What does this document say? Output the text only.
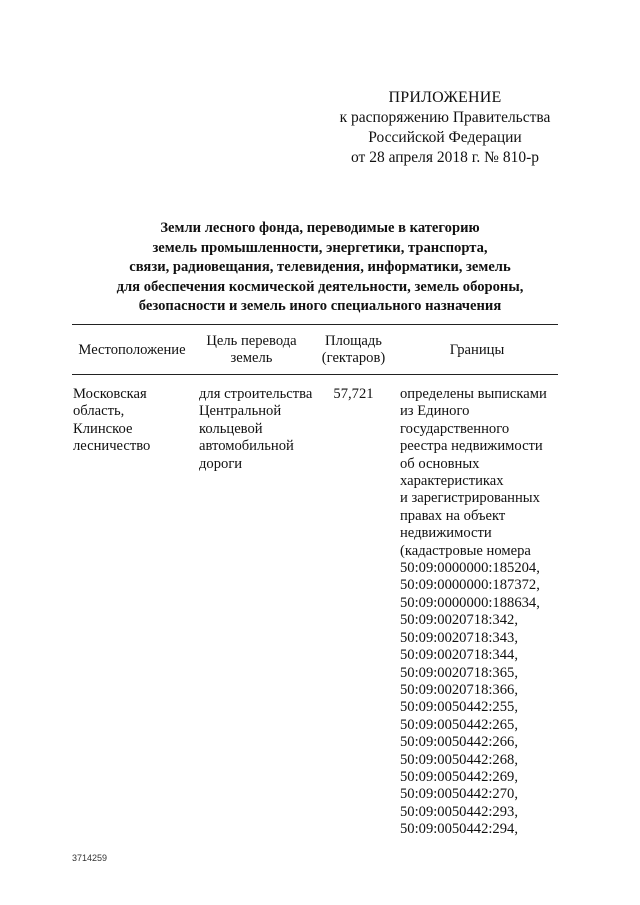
ПРИЛОЖЕНИЕ
к распоряжению Правительства
Российской Федерации
от 28 апреля 2018 г. № 810-р
Земли лесного фонда, переводимые в категорию
земель промышленности, энергетики, транспорта,
связи, радиовещания, телевидения, информатики, земель
для обеспечения космической деятельности, земель обороны,
безопасности и земель иного специального назначения
Местоположение
Цель перевода
земель
Площадь
(гектаров)
Границы
Московская
область,
Клинское
лесничество
для строительства
Центральной
кольцевой
автомобильной
дороги
57,721	определены выписками
из Единого
государственного
реестра недвижимости
об основных
характеристиках
и зарегистрированных
правах на объект
недвижимости
(кадастровые номера
50:09:0000000:185204,
50:09:0000000:187372,
50:09:0000000:188634,
50:09:0020718:342,
50:09:0020718:343,
50:09:0020718:344,
50:09:0020718:365,
50:09:0020718:366,
50:09:0050442:255,
50:09:0050442:265,
50:09:0050442:266,
50:09:0050442:268,
50:09:0050442:269,
50:09:0050442:270,
50:09:0050442:293,
50:09:0050442:294,
3714259
